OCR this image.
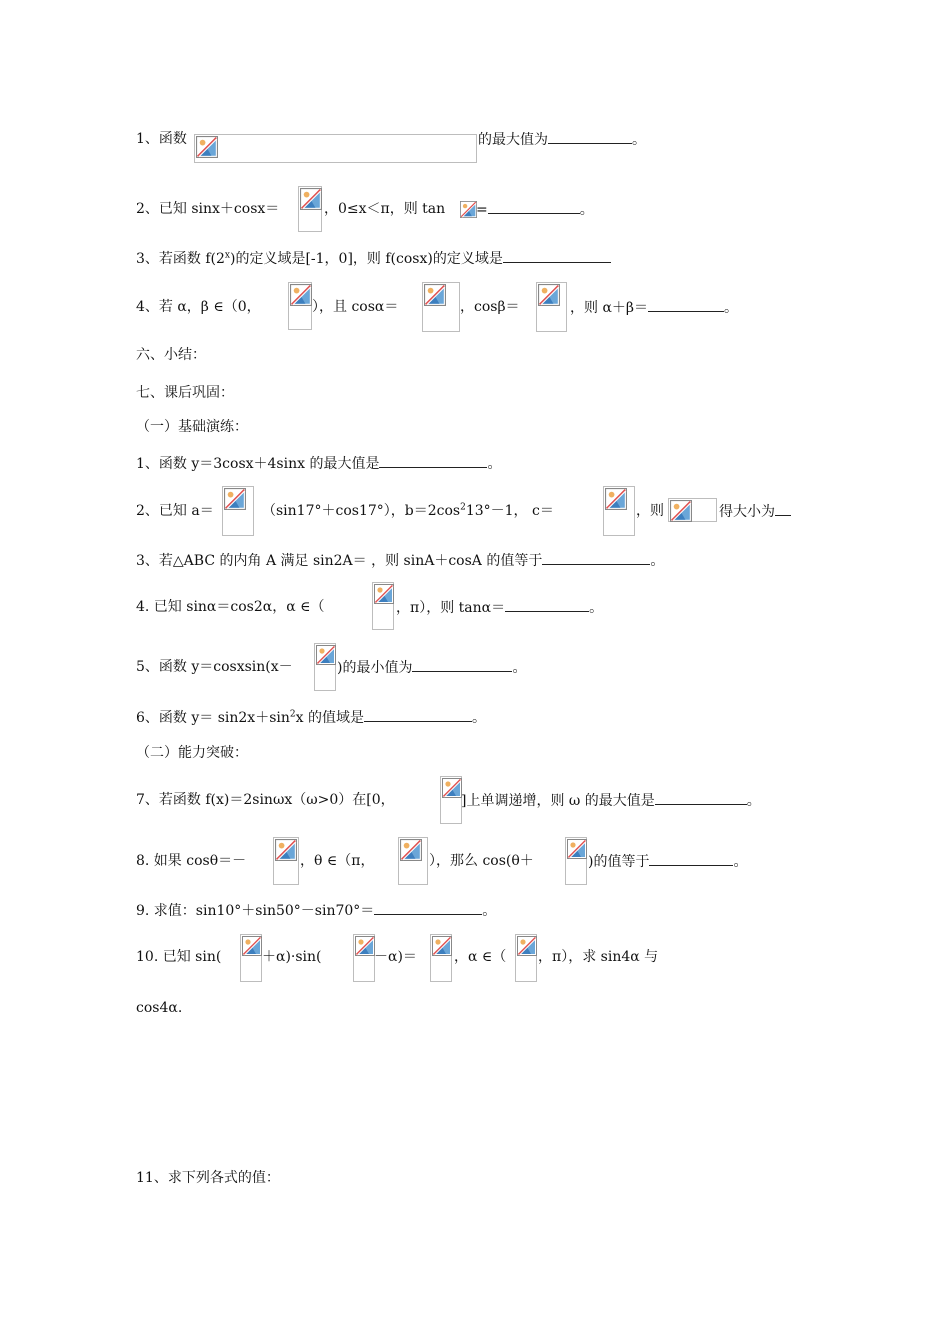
1、函数	的最大值为	。
2、已知 sinx＋cosx＝	，0≤x＜π，则 tan =	。
3、若函数 f(2$^x$)的定义域是[-1，0]，则 f(cosx)的定义域是
4、若 α，β ∈（0，	），且 cosα＝	，cosβ＝	，则 α＋β＝	。
六、小结：
七、课后巩固：
（一）基础演练：
1、函数 y＝3cosx＋4sinx 的最大值是	。
2、已知 a＝	（sin17°＋cos17°），$b=2\cos^213^\circ-1$， c＝	，则	得大小为
3、若△ABC 的内角 A 满足 sin2A＝ ，则 sinA＋cosA 的值等于	。
4. 已知 sinα＝cos2α，α ∈（	，π），则 tanα＝	。
5、函数 y＝cosxsin(x－	)的最小值为	。
6、函数 $y= \sin 2x+\sin^2x$ 的值域是	。
（二）能力突破：
7、若函数 f(x)＝2sinωx（ω>0）在[0，	]上单调递增，则 ω 的最大值是	。
8. 如果 cosθ＝－	，θ ∈（π，	），那么 cos(θ＋	)的值等于	。
9. 求值：sin10°＋sin50°－sin70°＝	。
10. 已知 sin(	＋α)·sin(	－α)＝	，α ∈（ ，π），求 sin4α 与
cos4α.
11、求下列各式的值：
